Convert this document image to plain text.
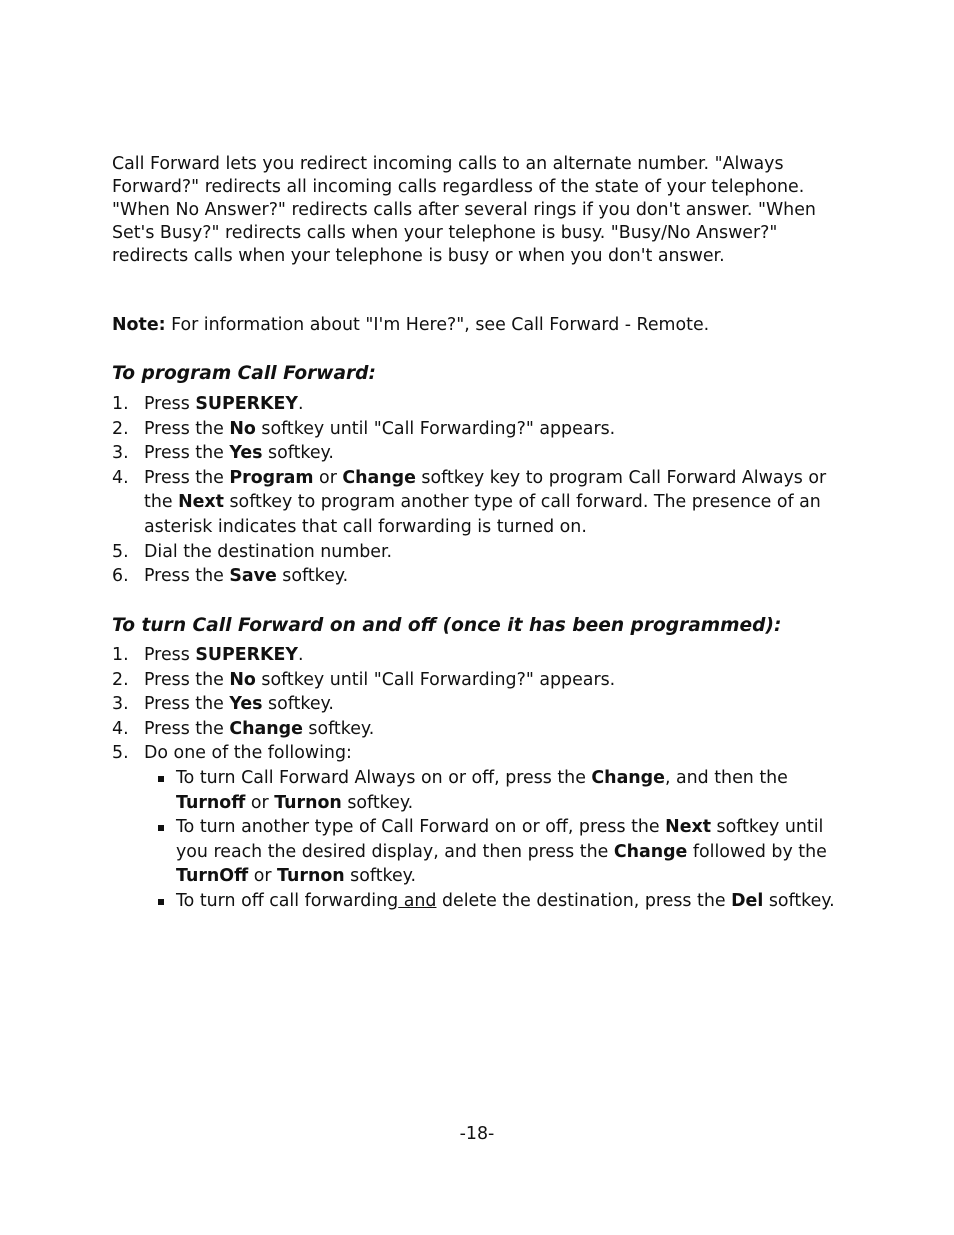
Call Forward lets you redirect incoming calls to an alternate number. "Always Forward?" redirects all incoming calls regardless of the state of your telephone. "When No Answer?" redirects calls after several rings if you don't answer. "When Set's Busy?" redirects calls when your telephone is busy. "Busy/No Answer?" redirects calls when your telephone is busy or when you don't answer.

Note: For information about "I'm Here?", see Call Forward - Remote.

To program Call Forward:
1. Press SUPERKEY.
2. Press the No softkey until "Call Forwarding?" appears.
3. Press the Yes softkey.
4. Press the Program or Change softkey key to program Call Forward Always or the Next softkey to program another type of call forward. The presence of an asterisk indicates that call forwarding is turned on.
5. Dial the destination number.
6. Press the Save softkey.
To turn Call Forward on and off (once it has been programmed):
1. Press SUPERKEY.
2. Press the No softkey until "Call Forwarding?" appears.
3. Press the Yes softkey.
4. Press the Change softkey.
5. Do one of the following:
To turn Call Forward Always on or off, press the Change, and then the Turnoff or Turnon softkey.
To turn another type of Call Forward on or off, press the Next softkey until you reach the desired display, and then press the Change followed by the TurnOff or Turnon softkey.
To turn off call forwarding and delete the destination, press the Del softkey.
-18-
